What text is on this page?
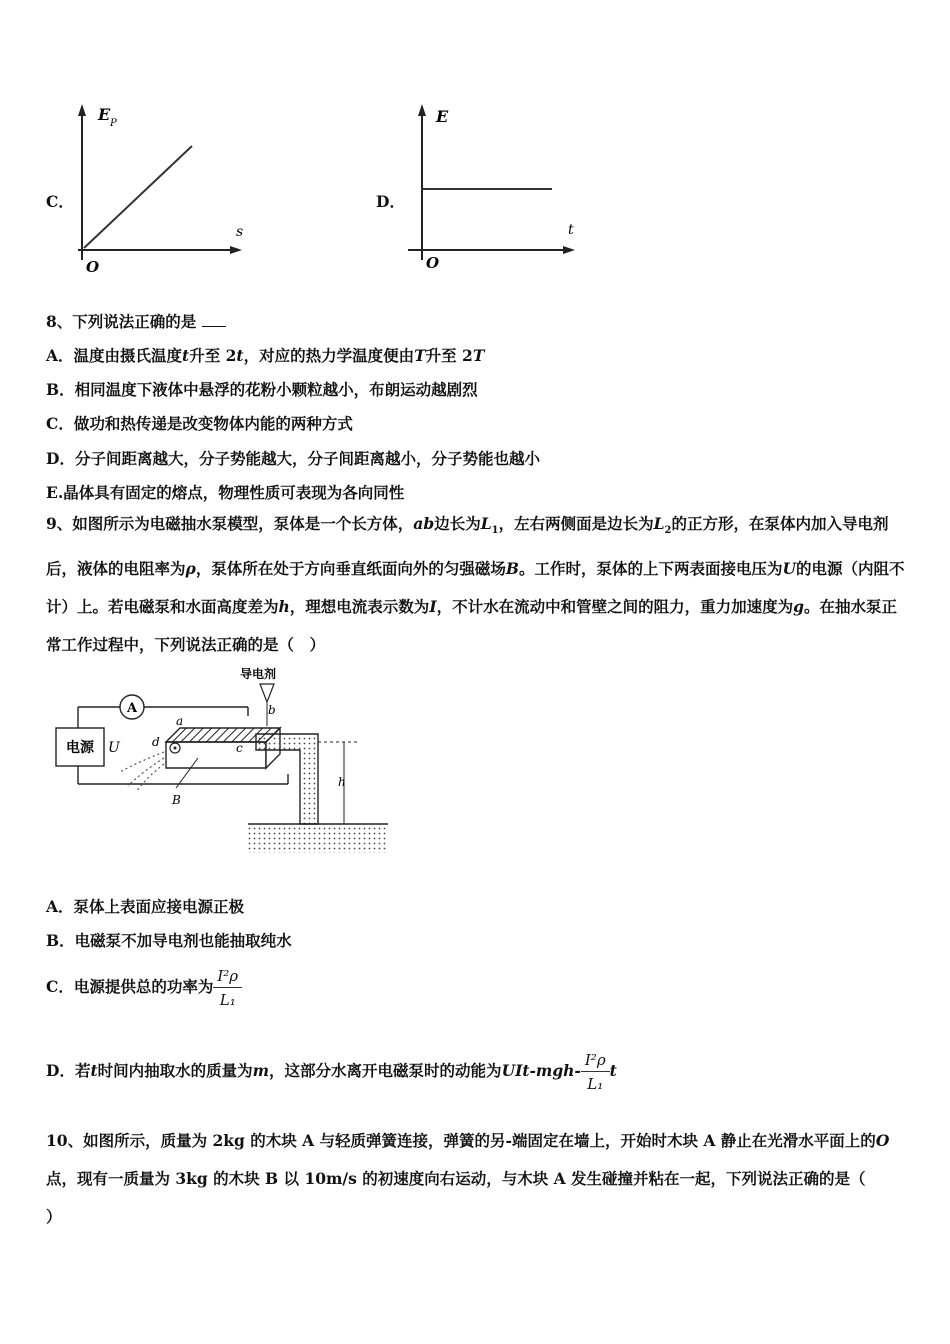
C．
E P
s
O
D．
E
t
O
8、下列说法正确的是
A．温度由摄氏温度t升至 2t，对应的热力学温度便由T升至 2T
B．相同温度下液体中悬浮的花粉小颗粒越小，布朗运动越剧烈
C．做功和热传递是改变物体内能的两种方式
D．分子间距离越大，分子势能越大，分子间距离越小，分子势能也越小
E.晶体具有固定的熔点，物理性质可表现为各向同性
9、如图所示为电磁抽水泵模型，泵体是一个长方体，ab边长为$L_1$，左右两侧面是边长为$L_2$的正方形，在泵体内加入导电剂后，液体的电阻率为ρ，泵体所在处于方向垂直纸面向外的匀强磁场B。工作时，泵体的上下两表面接电压为U的电源（内阻不计）上。若电磁泵和水面高度差为h，理想电流表示数为I，不计水在流动中和管壁之间的阻力，重力加速度为g。在抽水泵正常工作过程中，下列说法正确的是（　）
A
电源 U
a
b
c
d
B
导电剂
h
A．泵体上表面应接电源正极
B．电磁泵不加导电剂也能抽取纯水
C．电源提供总的功率为 $\frac{\text{I²ρ}}{\text{L₁}}$
D．若t时间内抽取水的质量为m，这部分水离开电磁泵时的动能为$UIt-mgh- \frac{\text{I²ρ}}{\text{L₁}}$ t
10、如图所示，质量为 2kg 的木块 A 与轻质弹簧连接，弹簧的另-端固定在墙上，开始时木块 A 静止在光滑水平面上的O点，现有一质量为 3kg 的木块 B 以 10m/s 的初速度向右运动，与木块 A 发生碰撞并粘在一起，下列说法正确的是（
）
